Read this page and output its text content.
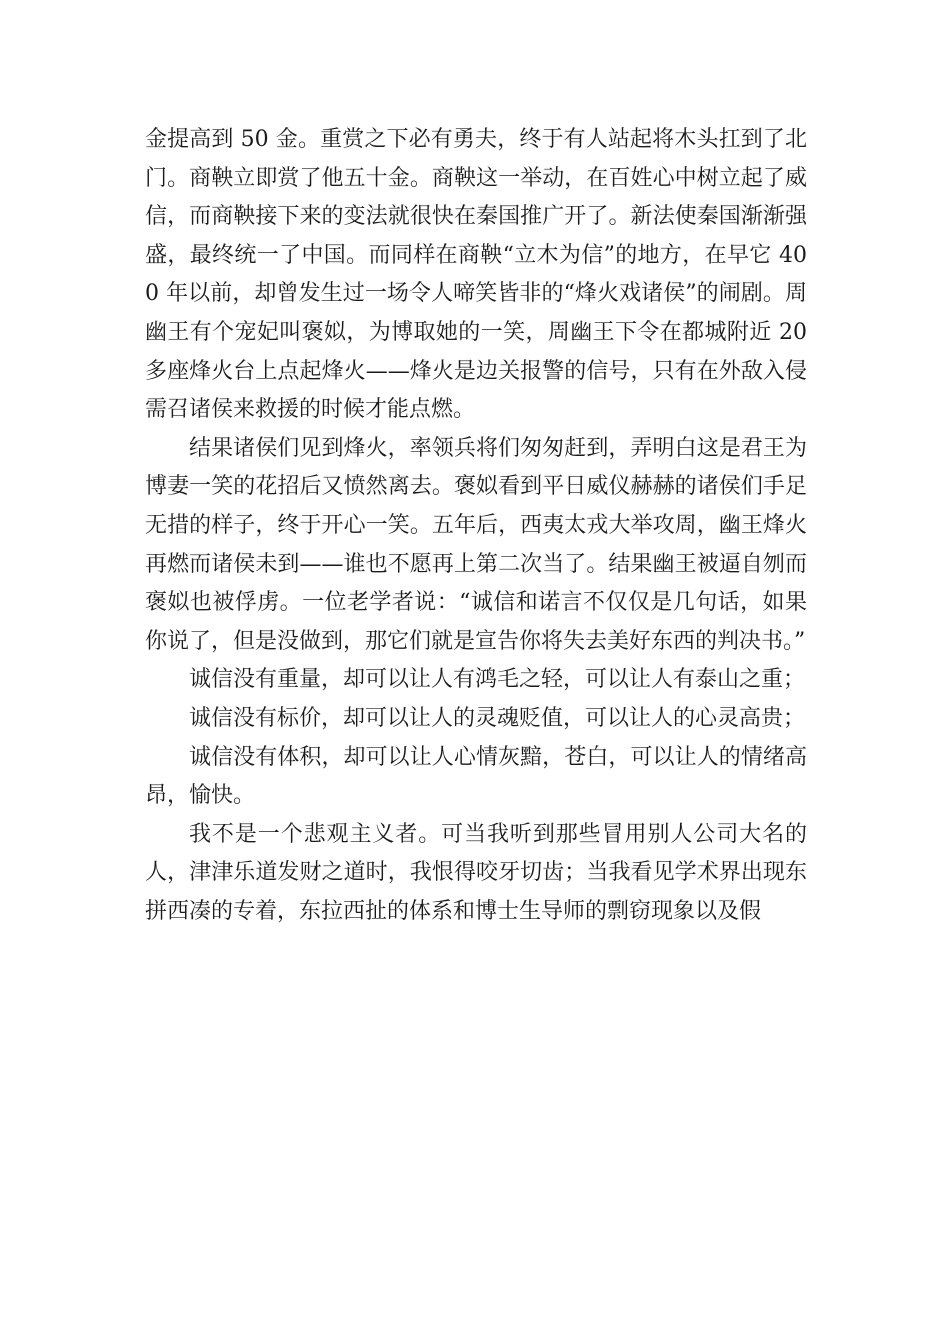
金提高到 50 金。重赏之下必有勇夫，终于有人站起将木头扛到了北门。商鞅立即赏了他五十金。商鞅这一举动，在百姓心中树立起了威信，而商鞅接下来的变法就很快在秦国推广开了。新法使秦国渐渐强盛，最终统一了中国。而同样在商鞅“立木为信”的地方，在早它 400 年以前，却曾发生过一场令人啼笑皆非的“烽火戏诸侯”的闹剧。周幽王有个宠妃叫褒姒，为博取她的一笑，周幽王下令在都城附近 20 多座烽火台上点起烽火——烽火是边关报警的信号，只有在外敌入侵需召诸侯来救援的时候才能点燃。

结果诸侯们见到烽火，率领兵将们匆匆赶到，弄明白这是君王为博妻一笑的花招后又愤然离去。褒姒看到平日威仪赫赫的诸侯们手足无措的样子，终于开心一笑。五年后，西夷太戎大举攻周，幽王烽火再燃而诸侯未到——谁也不愿再上第二次当了。结果幽王被逼自刎而褒姒也被俘虏。一位老学者说：“诚信和诺言不仅仅是几句话，如果你说了，但是没做到，那它们就是宣告你将失去美好东西的判决书。”

诚信没有重量，却可以让人有鸿毛之轻，可以让人有泰山之重；

诚信没有标价，却可以让人的灵魂贬值，可以让人的心灵高贵；

诚信没有体积，却可以让人心情灰黯，苍白，可以让人的情绪高昂，愉快。

我不是一个悲观主义者。可当我听到那些冒用别人公司大名的人，津津乐道发财之道时，我恨得咬牙切齿；当我看见学术界出现东拼西凑的专着，东拉西扯的体系和博士生导师的剽窃现象以及假
